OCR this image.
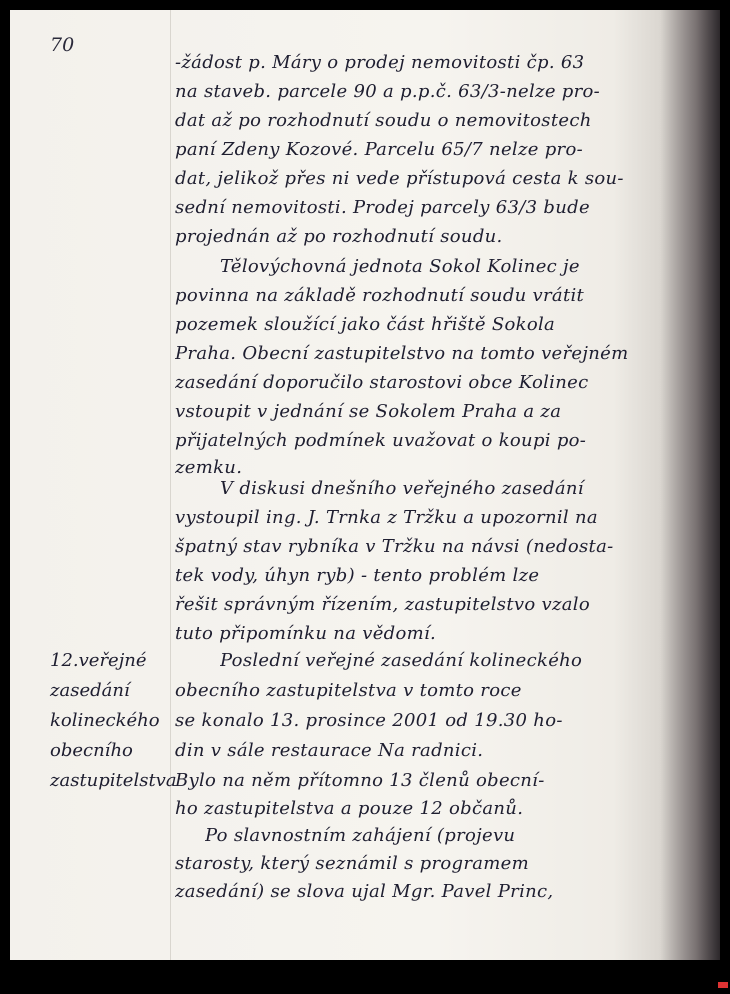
70
-žádost p. Máry o prodej nemovitosti čp. 63
na staveb. parcele 90 a p.p.č. 63/3-nelze pro-
dat až po rozhodnutí soudu o nemovitostech
paní Zdeny Kozové. Parcelu 65/7 nelze pro-
dat, jelikož přes ni vede přístupová cesta k sou-
sední nemovitosti. Prodej parcely 63/3 bude
projednán až po rozhodnutí soudu.
Tělovýchovná jednota Sokol Kolinec je
povinna na základě rozhodnutí soudu vrátit
pozemek sloužící jako část hřiště Sokola
Praha. Obecní zastupitelstvo na tomto veřejném
zasedání doporučilo starostovi obce Kolinec
vstoupit v jednání se Sokolem Praha a za
přijatelných podmínek uvažovat o koupi po-
zemku.
V diskusi dnešního veřejného zasedání
vystoupil ing. J. Trnka z Tržku a upozornil na
špatný stav rybníka v Tržku na návsi (nedosta-
tek vody, úhyn ryb) - tento problém lze
řešit správným řízením, zastupitelstvo vzalo
tuto připomínku na vědomí.
12.veřejné
zasedání
kolineckého
obecního
zastupitelstva
Poslední veřejné zasedání kolineckého
obecního zastupitelstva v tomto roce
se konalo 13. prosince 2001 od 19.30 ho-
din v sále restaurace Na radnici.
Bylo na něm přítomno 13 členů obecní-
ho zastupitelstva a pouze 12 občanů.
Po slavnostním zahájení (projevu
starosty, který seznámil s programem
zasedání) se slova ujal Mgr. Pavel Princ,
